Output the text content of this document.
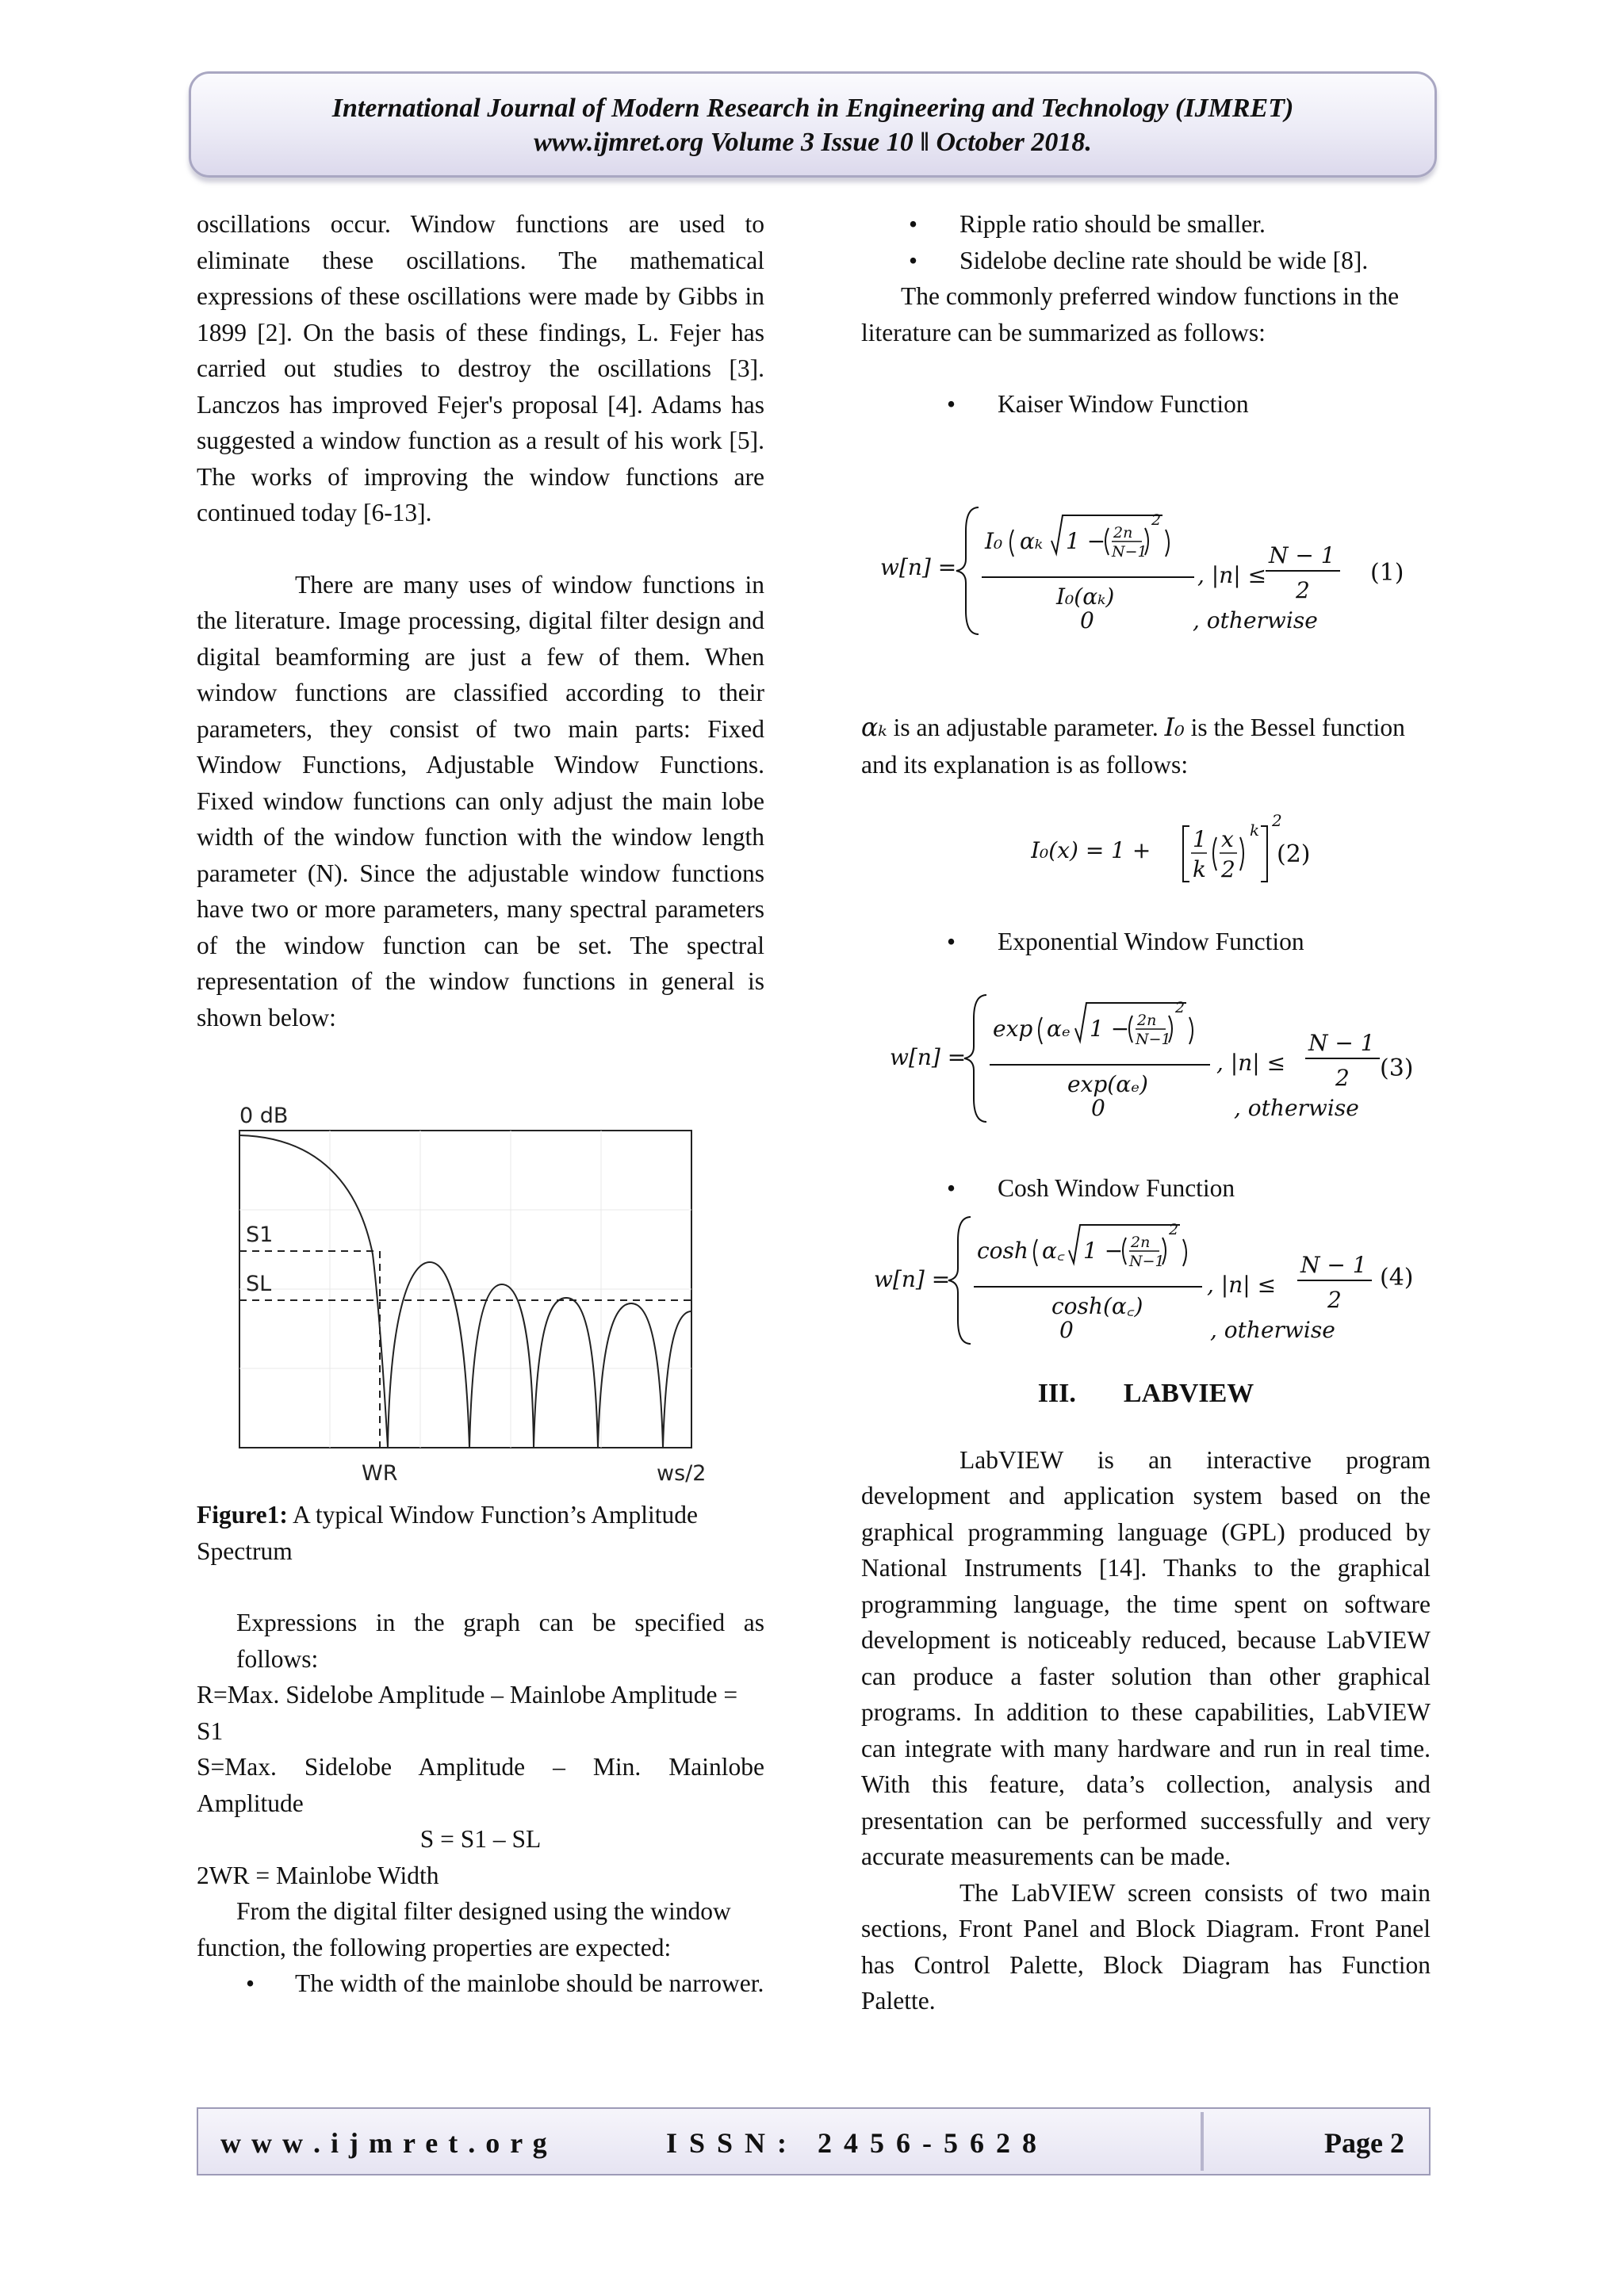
International Journal of Modern Research in Engineering and Technology (IJMRET)
www.ijmret.org Volume 3 Issue 10 ǁ October 2018.

oscillations occur. Window functions are used to eliminate these oscillations. The mathematical expressions of these oscillations were made by Gibbs in 1899 [2]. On the basis of these findings, L. Fejer has carried out studies to destroy the oscillations [3]. Lanczos has improved Fejer's proposal [4]. Adams has suggested a window function as a result of his work [5]. The works of improving the window functions are continued today [6-13].

There are many uses of window functions in the literature. Image processing, digital filter design and digital beamforming are just a few of them. When window functions are classified according to their parameters, they consist of two main parts: Fixed Window Functions, Adjustable Window Functions. Fixed window functions can only adjust the main lobe width of the window function with the window length parameter (N). Since the adjustable window functions have two or more parameters, many spectral parameters of the window function can be set. The spectral representation of the window functions in general is shown below:

0 dB
S1
SL
WR	ws/2

Figure1: A typical Window Function’s Amplitude Spectrum

Expressions in the graph can be specified as follows:

R=Max. Sidelobe Amplitude – Mainlobe Amplitude = S1

S=Max. Sidelobe Amplitude – Min. Mainlobe Amplitude

S = S1 – SL

2WR = Mainlobe Width

From the digital filter designed using the window function, the following properties are expected:

• The width of the mainlobe should be narrower.
• Ripple ratio should be smaller.
• Sidelobe decline rate should be wide [8].

The commonly preferred window functions in the literature can be summarized as follows:

• Kaiser Window Function
w[n] =
I₀ αₖ 1 − 2n
N−1
2
I₀(αₖ)
, |n| ≤
N − 1
2
0	, otherwise
(1)
αₖ is an adjustable parameter. I₀ is the Bessel function and its explanation is as follows:
I₀(x) = 1 + 1
k
x
2
k 2
(2)
• Exponential Window Function
w[n] =
exp αₑ 1 − 2n
N−1
2
exp(αₑ)
, |n| ≤
N − 1
2
0	, otherwise
(3)
• Cosh Window Function
w[n] =
cosh α꜀ 1 − 2n
N−1
2
cosh(α꜀)
, |n| ≤
N − 1
2
0	, otherwise
(4)
III. LABVIEW

LabVIEW is an interactive program development and application system based on the graphical programming language (GPL) produced by National Instruments [14]. Thanks to the graphical programming language, the time spent on software development is noticeably reduced, because LabVIEW can produce a faster solution than other graphical programs. In addition to these capabilities, LabVIEW can integrate with many hardware and run in real time. With this feature, data’s collection, analysis and presentation can be performed successfully and very accurate measurements can be made.

The LabVIEW screen consists of two main sections, Front Panel and Block Diagram. Front Panel has Control Palette, Block Diagram has Function Palette.

w w w . i j m r e t . o r g	I S S N :   2 4 5 6 - 5 6 2 8	Page 2
